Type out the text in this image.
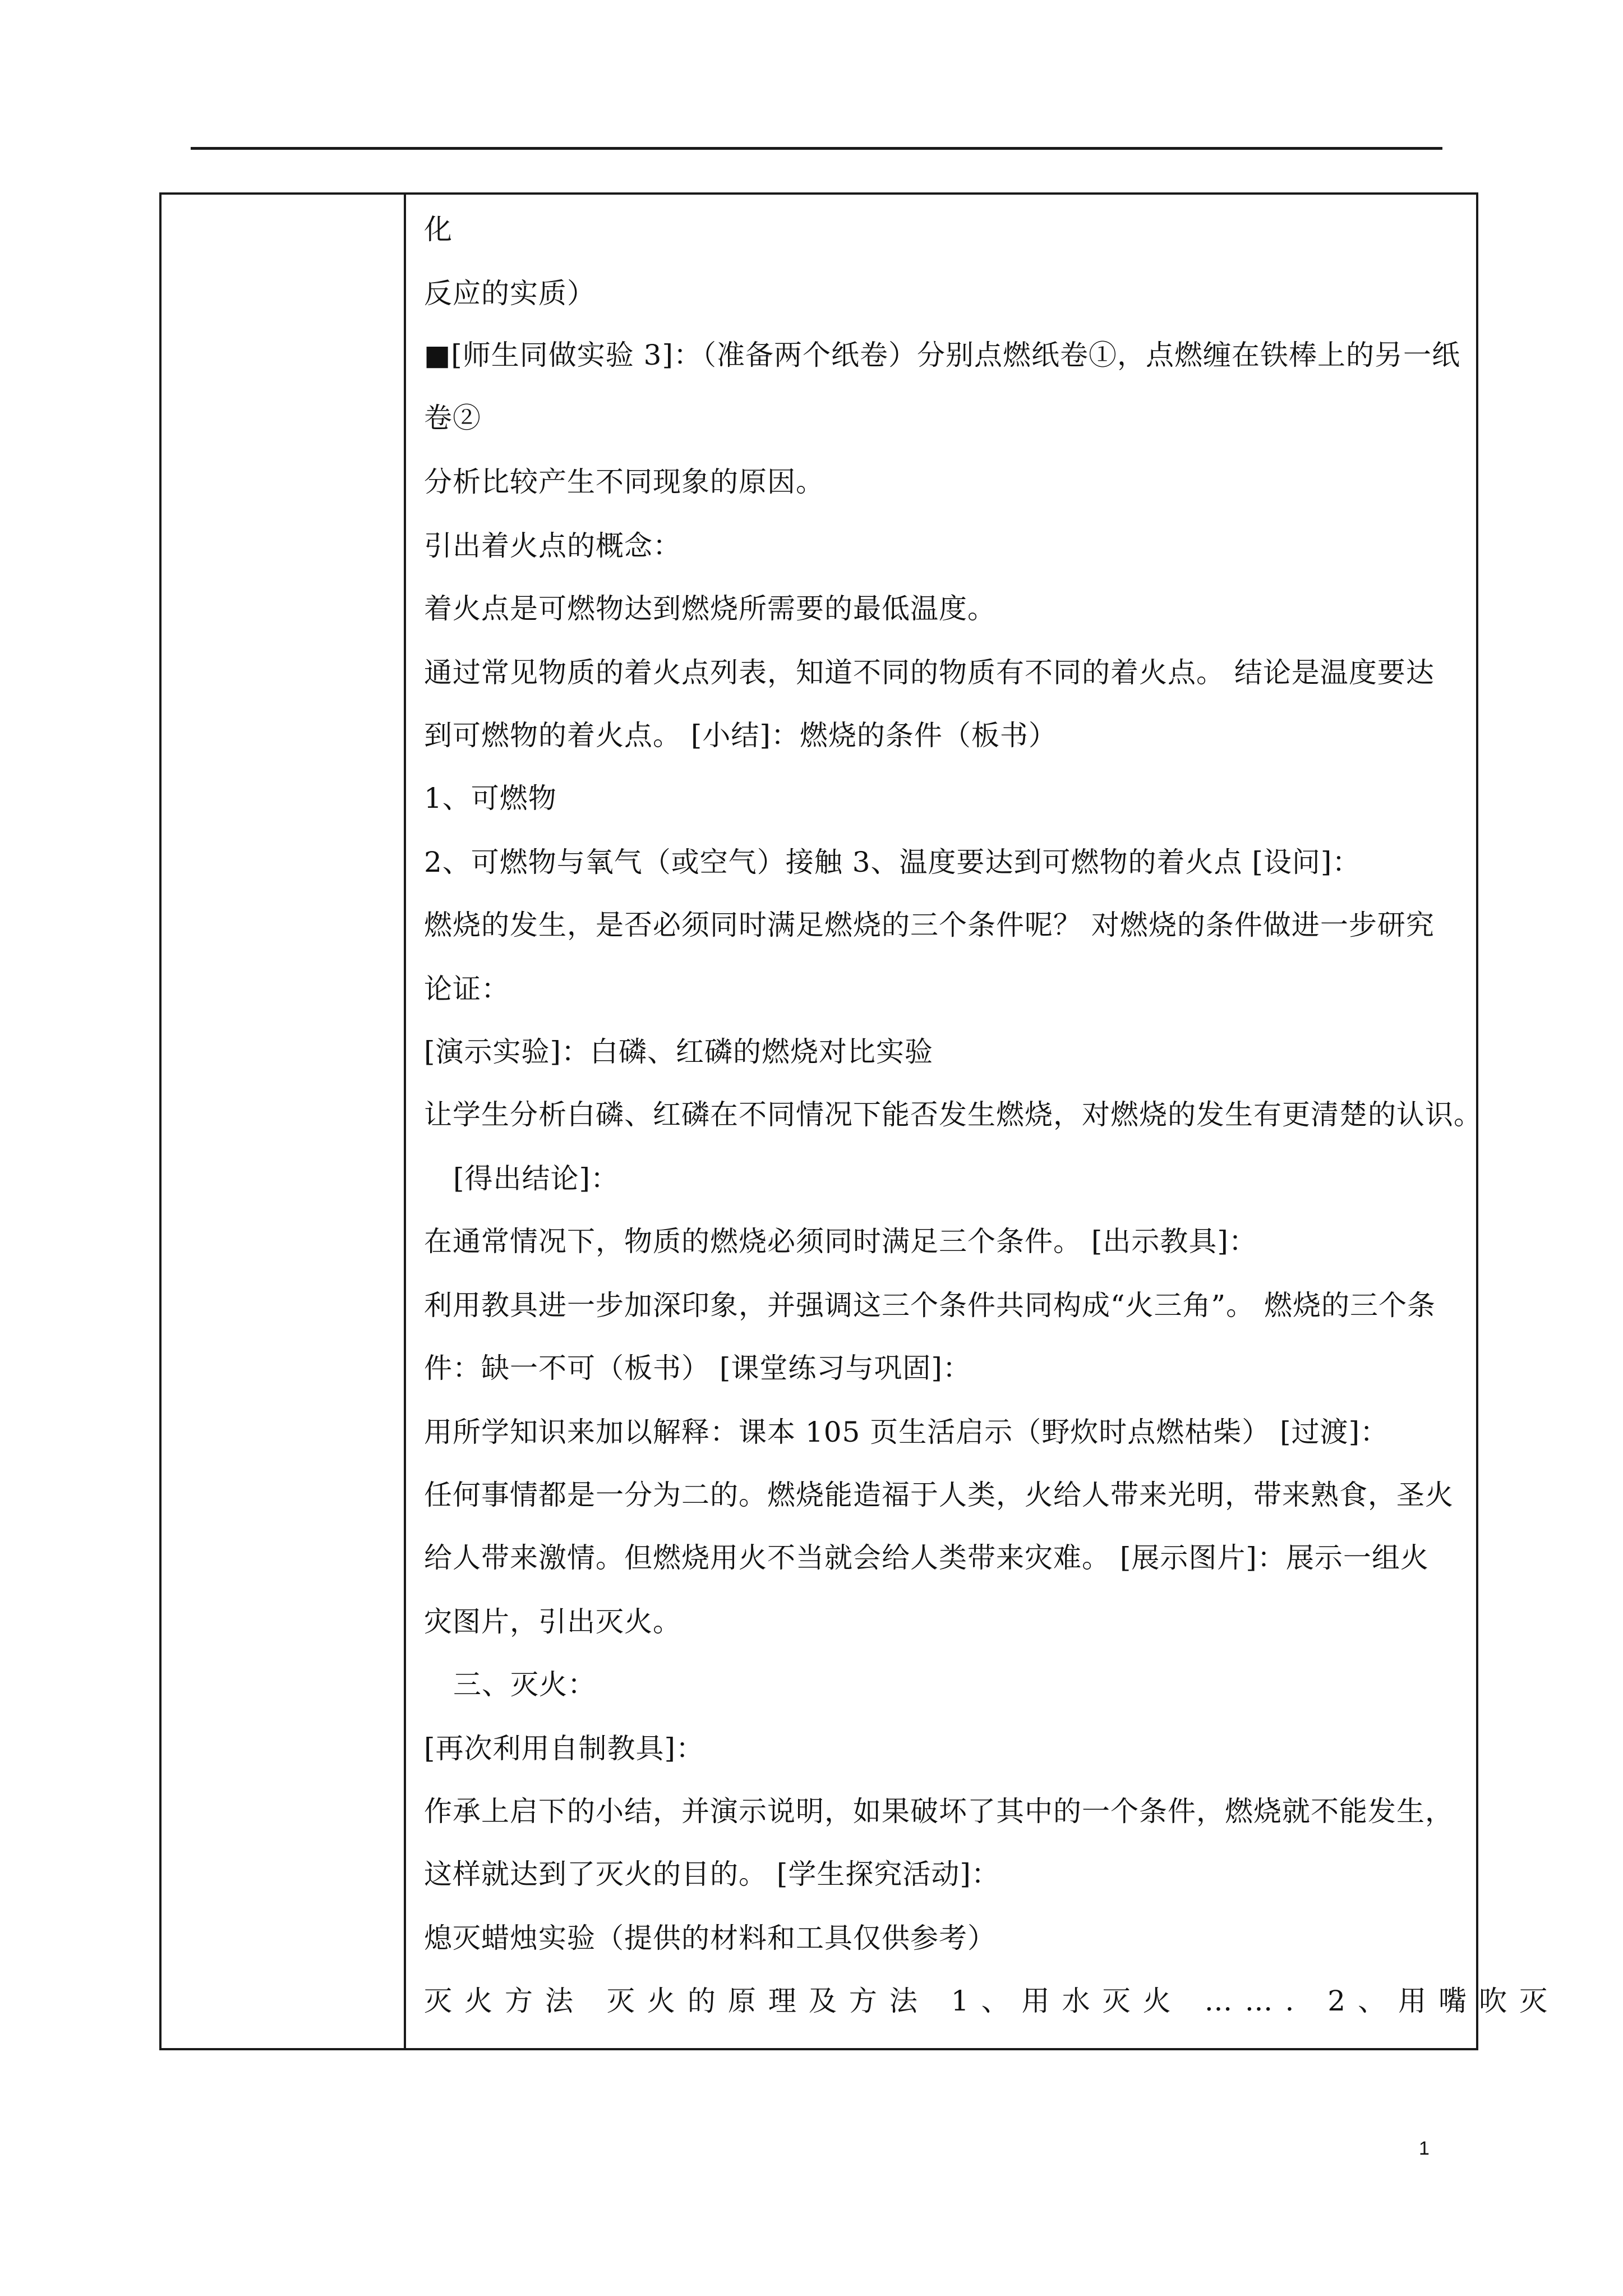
化
反应的实质）
■[师生同做实验 3]：（准备两个纸卷）分别点燃纸卷①，点燃缠在铁棒上的另一纸
卷②
分析比较产生不同现象的原因。
引出着火点的概念：
着火点是可燃物达到燃烧所需要的最低温度。
通过常见物质的着火点列表，知道不同的物质有不同的着火点。 结论是温度要达
到可燃物的着火点。 [小结]：燃烧的条件（板书）
1、可燃物
2、可燃物与氧气（或空气）接触 3、温度要达到可燃物的着火点 [设问]：
燃烧的发生，是否必须同时满足燃烧的三个条件呢？ 对燃烧的条件做进一步研究
论证：
[演示实验]：白磷、红磷的燃烧对比实验
让学生分析白磷、红磷在不同情况下能否发生燃烧，对燃烧的发生有更清楚的认识。
[得出结论]：
在通常情况下，物质的燃烧必须同时满足三个条件。 [出示教具]：
利用教具进一步加深印象，并强调这三个条件共同构成“火三角”。 燃烧的三个条
件：缺一不可（板书） [课堂练习与巩固]：
用所学知识来加以解释：课本 105 页生活启示（野炊时点燃枯柴） [过渡]：
任何事情都是一分为二的。燃烧能造福于人类，火给人带来光明，带来熟食，圣火
给人带来激情。但燃烧用火不当就会给人类带来灾难。 [展示图片]：展示一组火
灾图片，引出灭火。
三、灭火：
[再次利用自制教具]：
作承上启下的小结，并演示说明，如果破坏了其中的一个条件，燃烧就不能发生，
这样就达到了灭火的目的。 [学生探究活动]：
熄灭蜡烛实验（提供的材料和工具仅供参考）
灭火方法 灭火的原理及方法 1、用水灭火 ……. 2、用嘴吹灭
1
